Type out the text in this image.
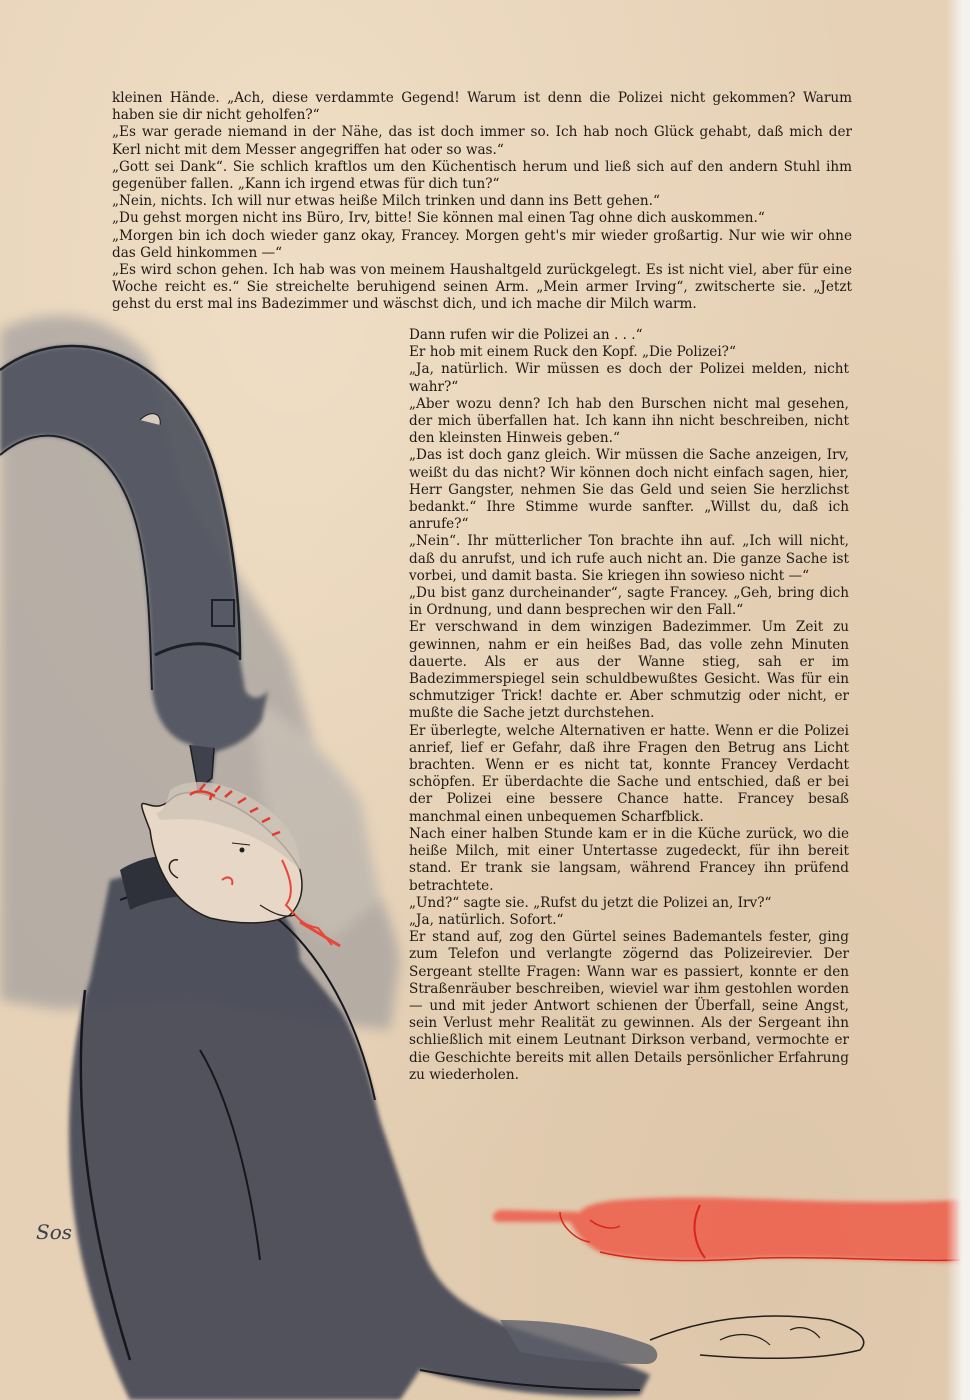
kleinen Hände. „Ach, diese verdammte Gegend! Warum ist denn die Polizei nicht gekommen? Warum haben sie dir nicht geholfen?“

„Es war gerade niemand in der Nähe, das ist doch immer so. Ich hab noch Glück gehabt, daß mich der Kerl nicht mit dem Messer angegriffen hat oder so was.“

„Gott sei Dank“. Sie schlich kraftlos um den Küchentisch herum und ließ sich auf den andern Stuhl ihm gegenüber fallen. „Kann ich irgend etwas für dich tun?“

„Nein, nichts. Ich will nur etwas heiße Milch trinken und dann ins Bett gehen.“

„Du gehst morgen nicht ins Büro, Irv, bitte! Sie können mal einen Tag ohne dich auskommen.“

„Morgen bin ich doch wieder ganz okay, Francey. Morgen geht's mir wieder großartig. Nur wie wir ohne das Geld hinkommen —“

„Es wird schon gehen. Ich hab was von meinem Haushaltgeld zurückgelegt. Es ist nicht viel, aber für eine Woche reicht es.“ Sie streichelte beruhigend seinen Arm. „Mein armer Irving“, zwitscherte sie. „Jetzt gehst du erst mal ins Badezimmer und wäschst dich, und ich mache dir Milch warm.

Dann rufen wir die Polizei an . . .“

Er hob mit einem Ruck den Kopf. „Die Polizei?“

„Ja, natürlich. Wir müssen es doch der Polizei melden, nicht wahr?“

„Aber wozu denn? Ich hab den Burschen nicht mal gesehen, der mich überfallen hat. Ich kann ihn nicht beschreiben, nicht den kleinsten Hinweis geben.“

„Das ist doch ganz gleich. Wir müssen die Sache anzeigen, Irv, weißt du das nicht? Wir können doch nicht einfach sagen, hier, Herr Gangster, nehmen Sie das Geld und seien Sie herzlichst bedankt.“ Ihre Stimme wurde sanfter. „Willst du, daß ich anrufe?“

„Nein“. Ihr mütterlicher Ton brachte ihn auf. „Ich will nicht, daß du anrufst, und ich rufe auch nicht an. Die ganze Sache ist vorbei, und damit basta. Sie kriegen ihn sowieso nicht —“

„Du bist ganz durcheinander“, sagte Francey. „Geh, bring dich in Ordnung, und dann besprechen wir den Fall.“

Er verschwand in dem winzigen Badezimmer. Um Zeit zu gewinnen, nahm er ein heißes Bad, das volle zehn Minuten dauerte. Als er aus der Wanne stieg, sah er im Badezimmerspiegel sein schuldbewußtes Gesicht. Was für ein schmutziger Trick! dachte er. Aber schmutzig oder nicht, er mußte die Sache jetzt durchstehen.

Er überlegte, welche Alternativen er hatte. Wenn er die Polizei anrief, lief er Gefahr, daß ihre Fragen den Betrug ans Licht brachten. Wenn er es nicht tat, konnte Francey Verdacht schöpfen. Er überdachte die Sache und entschied, daß er bei der Polizei eine bessere Chance hatte. Francey besaß manchmal einen unbequemen Scharfblick.

Nach einer halben Stunde kam er in die Küche zurück, wo die heiße Milch, mit einer Untertasse zugedeckt, für ihn bereit stand. Er trank sie langsam, während Francey ihn prüfend betrachtete.

„Und?“ sagte sie. „Rufst du jetzt die Polizei an, Irv?“

„Ja, natürlich. Sofort.“

Er stand auf, zog den Gürtel seines Bademantels fester, ging zum Telefon und verlangte zögernd das Polizeirevier. Der Sergeant stellte Fragen: Wann war es passiert, konnte er den Straßenräuber beschreiben, wieviel war ihm gestohlen worden — und mit jeder Antwort schienen der Überfall, seine Angst, sein Verlust mehr Realität zu gewinnen. Als der Sergeant ihn schließlich mit einem Leutnant Dirkson verband, vermochte er die Geschichte bereits mit allen Details persönlicher Erfahrung zu wiederholen.

Sos
